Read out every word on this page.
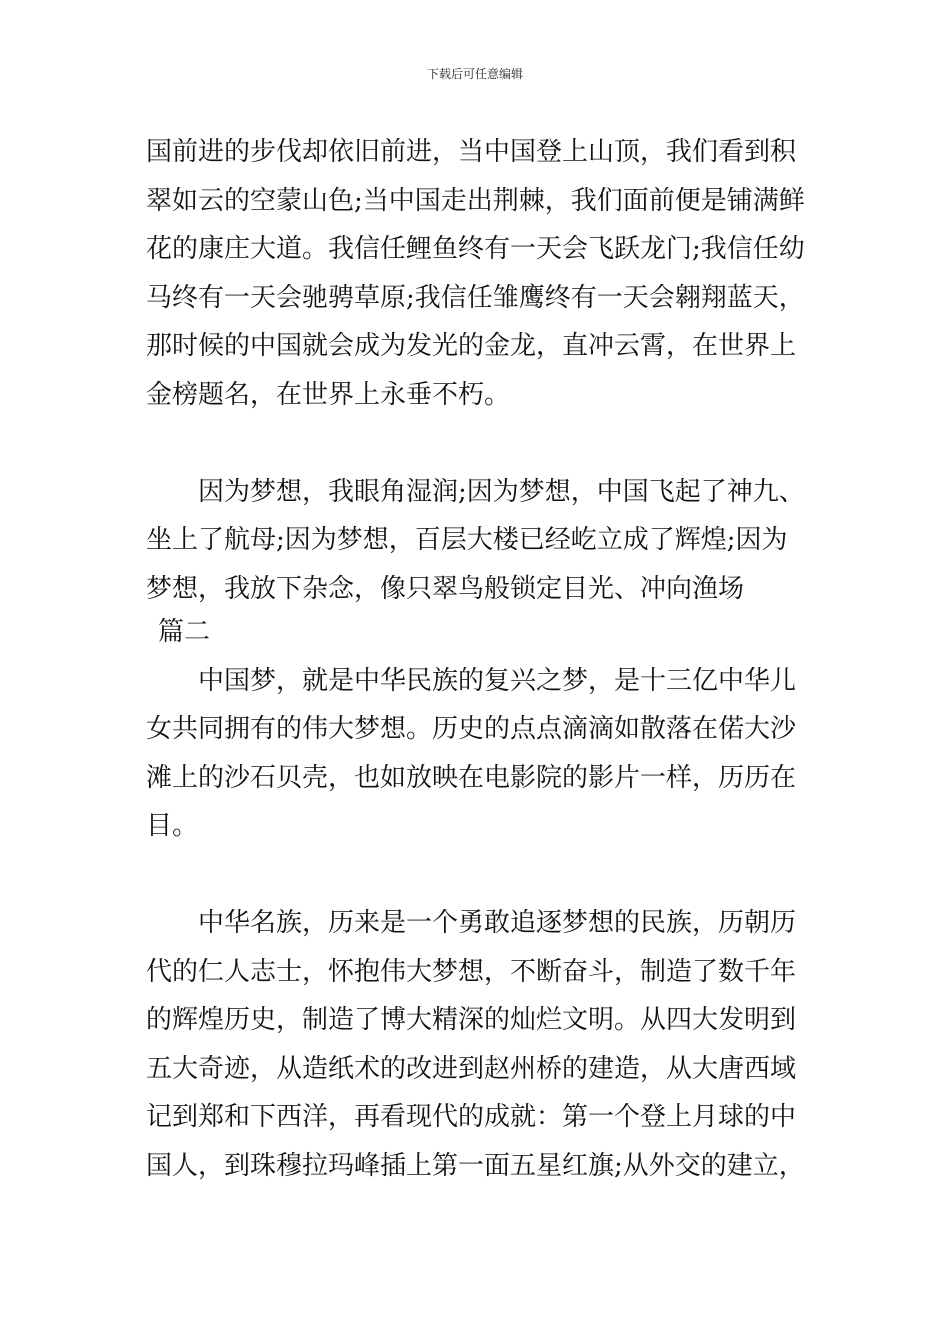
下载后可任意编辑

国前进的步伐却依旧前进，当中国登上山顶，我们看到积

翠如云的空蒙山色;当中国走出荆棘，我们面前便是铺满鲜

花的康庄大道。我信任鲤鱼终有一天会飞跃龙门;我信任幼

马终有一天会驰骋草原;我信任雏鹰终有一天会翱翔蓝天，

那时候的中国就会成为发光的金龙，直冲云霄，在世界上

金榜题名，在世界上永垂不朽。

因为梦想，我眼角湿润;因为梦想，中国飞起了神九、

坐上了航母;因为梦想，百层大楼已经屹立成了辉煌;因为

梦想，我放下杂念，像只翠鸟般锁定目光、冲向渔场

篇二

中国梦，就是中华民族的复兴之梦，是十三亿中华儿

女共同拥有的伟大梦想。历史的点点滴滴如散落在偌大沙

滩上的沙石贝壳，也如放映在电影院的影片一样，历历在

目。

中华名族，历来是一个勇敢追逐梦想的民族，历朝历

代的仁人志士，怀抱伟大梦想，不断奋斗，制造了数千年

的辉煌历史，制造了博大精深的灿烂文明。从四大发明到

五大奇迹，从造纸术的改进到赵州桥的建造，从大唐西域

记到郑和下西洋，再看现代的成就：第一个登上月球的中

国人，到珠穆拉玛峰插上第一面五星红旗;从外交的建立，
